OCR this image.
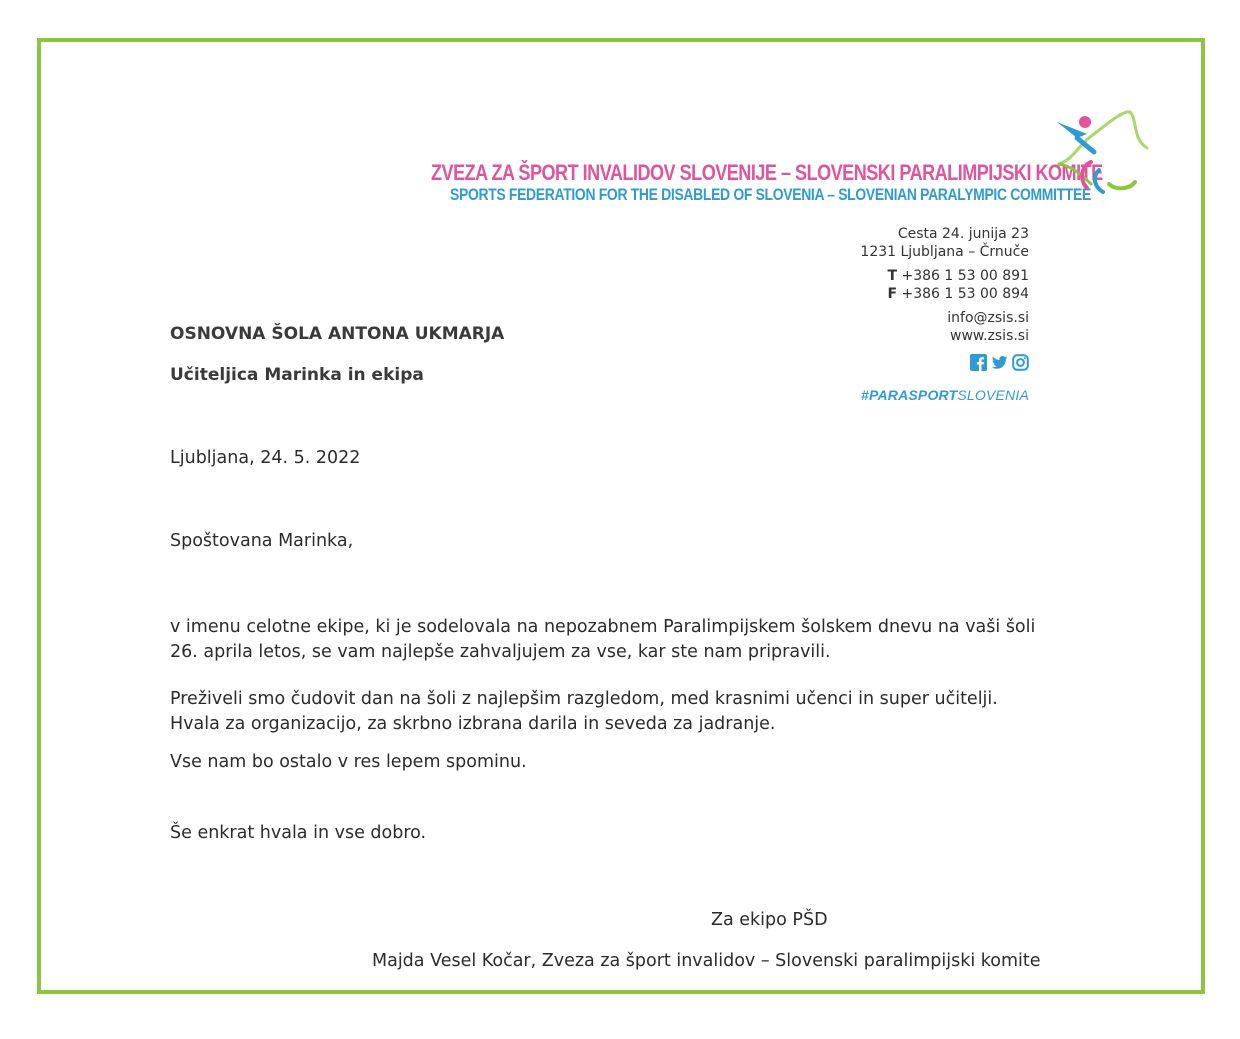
ZVEZA ZA ŠPORT INVALIDOV SLOVENIJE – SLOVENSKI PARALIMPIJSKI KOMITE
SPORTS FEDERATION FOR THE DISABLED OF SLOVENIA – SLOVENIAN PARALYMPIC COMMITTEE
Cesta 24. junija 23
1231 Ljubljana – Črnuče
T +386 1 53 00 891
F +386 1 53 00 894
info@zsis.si
www.zsis.si
#PARASPORTSLOVENIA
OSNOVNA ŠOLA ANTONA UKMARJA
Učiteljica Marinka in ekipa
Ljubljana, 24. 5. 2022
Spoštovana Marinka,
v imenu celotne ekipe, ki je sodelovala na nepozabnem Paralimpijskem šolskem dnevu na vaši šoli 26. aprila letos, se vam najlepše zahvaljujem za vse, kar ste nam pripravili.
Preživeli smo čudovit dan na šoli z najlepšim razgledom, med krasnimi učenci in super učitelji. Hvala za organizacijo, za skrbno izbrana darila in seveda za jadranje.
Vse nam bo ostalo v res lepem spominu.
Še enkrat hvala in vse dobro.
Za ekipo PŠD
Majda Vesel Kočar, Zveza za šport invalidov – Slovenski paralimpijski komite
